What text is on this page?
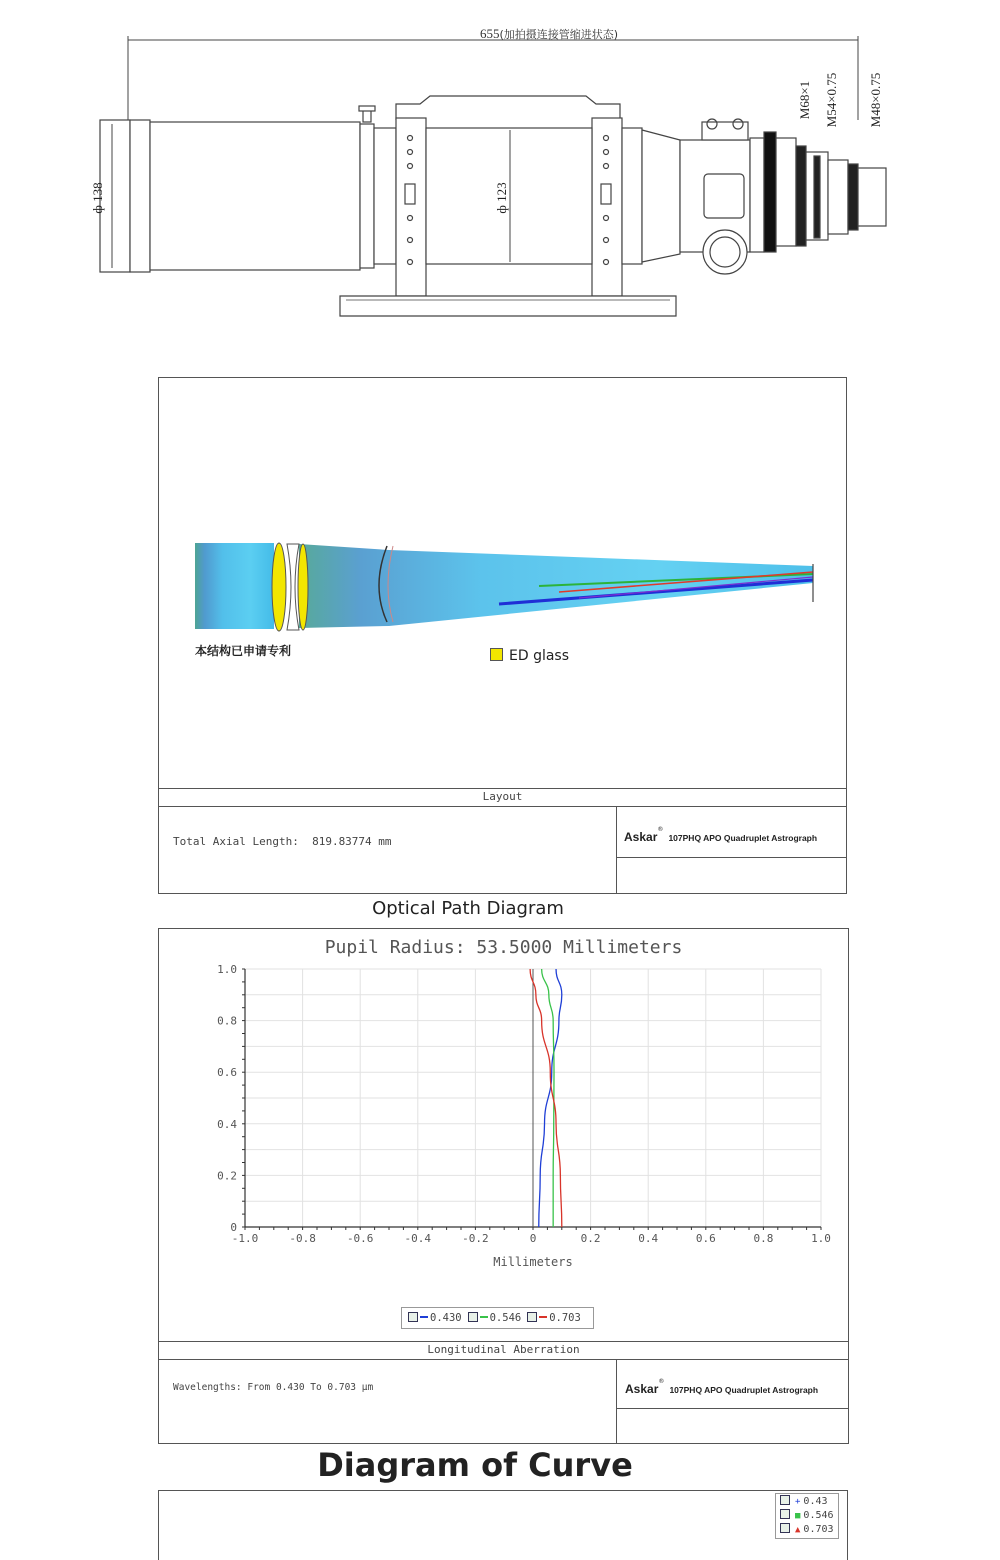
655(加拍摄连接管缩进状态)
ф 138	ф 123
M68×1 M54×0.75 M48×0.75
本结构已申请专利	ED glass
Layout
Total Axial Length:  819.83774 mm	Askar® 107PHQ APO Quadruplet Astrograph
Optical Path Diagram
Pupil Radius: 53.5000 Millimeters
-1.0	-0.8	-0.6	-0.4	-0.2	0	0.2	0.4	0.6	0.8	1.0
0
0.2
0.4
0.6
0.8
1.0
Millimeters
0.430	0.546	0.703
Longitudinal Aberration
Wavelengths: From 0.430 To 0.703 µm	Askar® 107PHQ APO Quadruplet Astrograph
Diagram of Curve
+ 0.43
■ 0.546
▲ 0.703
